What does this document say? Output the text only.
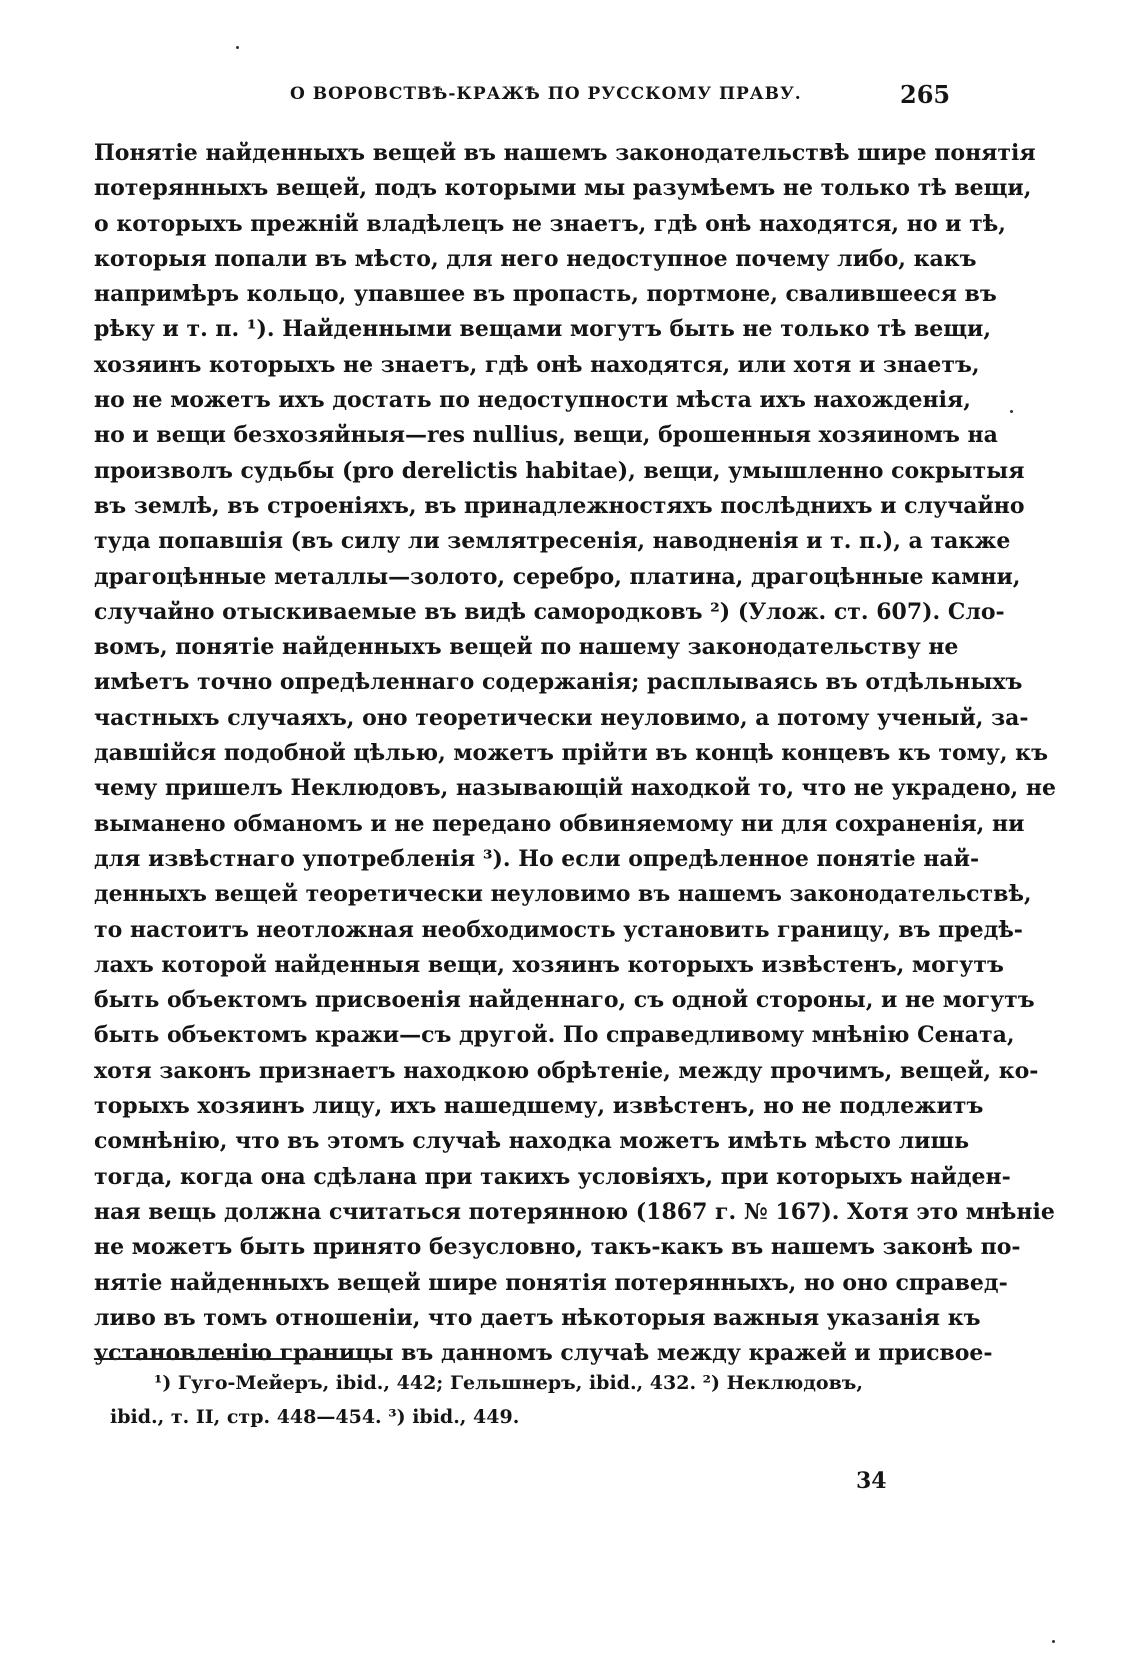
О ВОРОВСТВѢ-КРАЖѢ ПО РУССКОМУ ПРАВУ.	265
Понятіе найденныхъ вещей въ нашемъ законодательствѣ шире понятія
потерянныхъ вещей, подъ которыми мы разумѣемъ не только тѣ вещи,
о которыхъ прежній владѣлецъ не знаетъ, гдѣ онѣ находятся, но и тѣ,
которыя попали въ мѣсто, для него недоступное почему либо, какъ
напримѣръ кольцо, упавшее въ пропасть, портмоне, свалившееся въ
рѣку и т. п. ¹). Найденными вещами могутъ быть не только тѣ вещи,
хозяинъ которыхъ не знаетъ, гдѣ онѣ находятся, или хотя и знаетъ,
но не можетъ ихъ достать по недоступности мѣста ихъ нахожденія,
но и вещи безхозяйныя—res nullius, вещи, брошенныя хозяиномъ на
произволъ судьбы (pro derelictis habitae), вещи, умышленно сокрытыя
въ землѣ, въ строеніяхъ, въ принадлежностяхъ послѣднихъ и случайно
туда попавшія (въ силу ли землятресенія, наводненія и т. п.), а также
драгоцѣнные металлы—золото, серебро, платина, драгоцѣнные камни,
случайно отыскиваемые въ видѣ самородковъ ²) (Улож. ст. 607). Сло-
вомъ, понятіе найденныхъ вещей по нашему законодательству не
имѣетъ точно опредѣленнаго содержанія; расплываясь въ отдѣльныхъ
частныхъ случаяхъ, оно теоретически неуловимо, а потому ученый, за-
давшійся подобной цѣлью, можетъ прійти въ концѣ концевъ къ тому, къ
чему пришелъ Неклюдовъ, называющій находкой то, что не украдено, не
выманено обманомъ и не передано обвиняемому ни для сохраненія, ни
для извѣстнаго употребленія ³). Но если опредѣленное понятіе най-
денныхъ вещей теоретически неуловимо въ нашемъ законодательствѣ,
то настоитъ неотложная необходимость установить границу, въ предѣ-
лахъ которой найденныя вещи, хозяинъ которыхъ извѣстенъ, могутъ
быть объектомъ присвоенія найденнаго, съ одной стороны, и не могутъ
быть объектомъ кражи—съ другой. По справедливому мнѣнію Сената,
хотя законъ признаетъ находкою обрѣтеніе, между прочимъ, вещей, ко-
торыхъ хозяинъ лицу, ихъ нашедшему, извѣстенъ, но не подлежитъ
сомнѣнію, что въ этомъ случаѣ находка можетъ имѣть мѣсто лишь
тогда, когда она сдѣлана при такихъ условіяхъ, при которыхъ найден-
ная вещь должна считаться потерянною (1867 г. № 167). Хотя это мнѣніе
не можетъ быть принято безусловно, такъ-какъ въ нашемъ законѣ по-
нятіе найденныхъ вещей шире понятія потерянныхъ, но оно справед-
ливо въ томъ отношеніи, что даетъ нѣкоторыя важныя указанія къ
установленію границы въ данномъ случаѣ между кражей и присвое-
¹) Гуго-Мейеръ, ibid., 442; Гельшнеръ, ibid., 432. ²) Неклюдовъ,
ibid., т. II, стр. 448—454. ³) ibid., 449.
34
